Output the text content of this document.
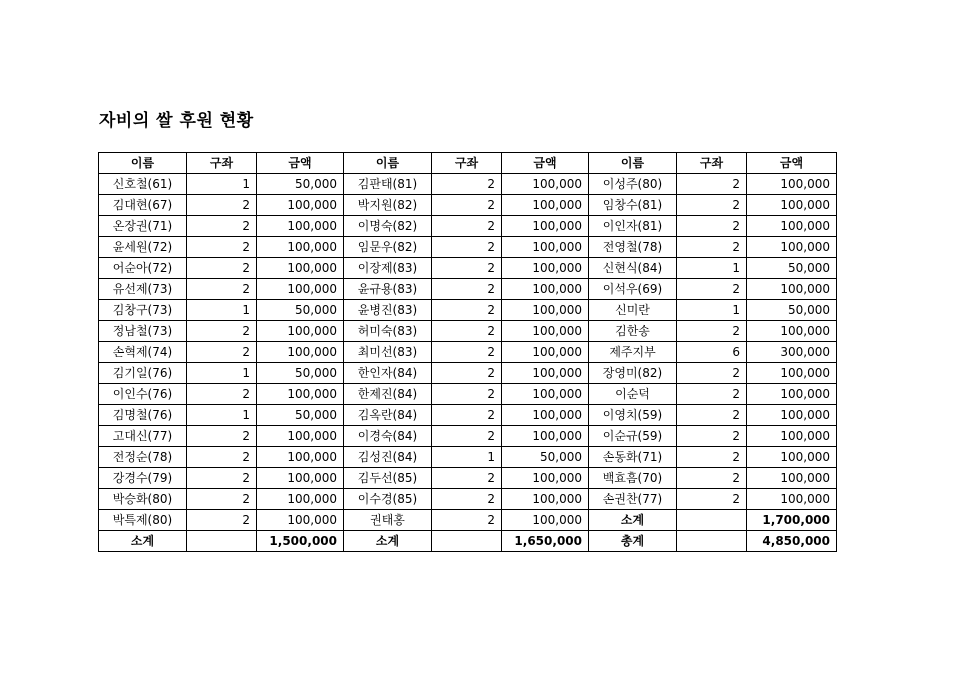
자비의 쌀 후원 현황
이름	구좌	금액	이름	구좌	금액	이름	구좌	금액
신호철(61)	1	50,000	김판태(81)	2	100,000	이성주(80)	2	100,000
김대현(67)	2	100,000	박지원(82)	2	100,000	임창수(81)	2	100,000
온장권(71)	2	100,000	이명숙(82)	2	100,000	이인자(81)	2	100,000
윤세원(72)	2	100,000	임문우(82)	2	100,000	전영철(78)	2	100,000
어순아(72)	2	100,000	이장제(83)	2	100,000	신현식(84)	1	50,000
유선제(73)	2	100,000	윤규용(83)	2	100,000	이석우(69)	2	100,000
김창구(73)	1	50,000	윤병진(83)	2	100,000	신미란	1	50,000
정남철(73)	2	100,000	허미숙(83)	2	100,000	김한송	2	100,000
손혁제(74)	2	100,000	최미선(83)	2	100,000	제주지부	6	300,000
김기일(76)	1	50,000	한인자(84)	2	100,000	장영미(82)	2	100,000
이인수(76)	2	100,000	한제진(84)	2	100,000	이순덕	2	100,000
김명철(76)	1	50,000	김옥란(84)	2	100,000	이영치(59)	2	100,000
고대신(77)	2	100,000	이경숙(84)	2	100,000	이순규(59)	2	100,000
전정순(78)	2	100,000	김성진(84)	1	50,000	손동화(71)	2	100,000
강경수(79)	2	100,000	김두선(85)	2	100,000	백효흠(70)	2	100,000
박승화(80)	2	100,000	이수경(85)	2	100,000	손권찬(77)	2	100,000
박특제(80)	2	100,000	권태홍	2	100,000	소계		1,700,000
소계		1,500,000	소계		1,650,000	총계		4,850,000
